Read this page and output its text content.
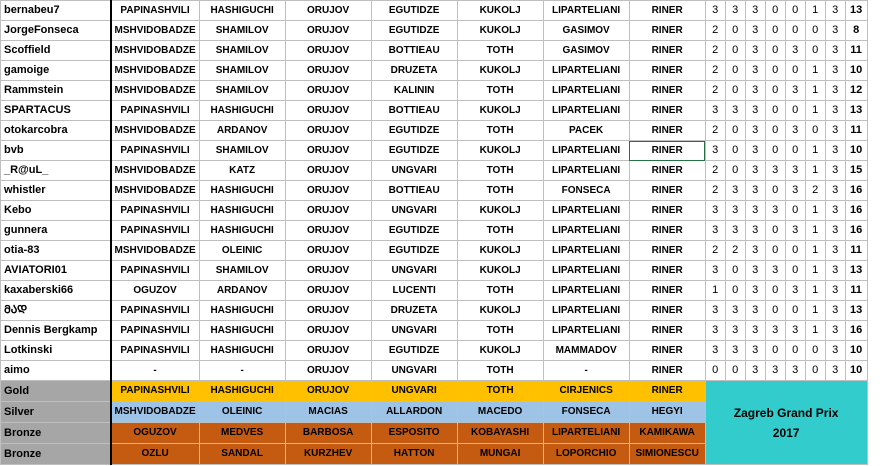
bernabeu7	PAPINASHVILI	HASHIGUCHI	ORUJOV	EGUTIDZE	KUKOLJ	LIPARTELIANI	RINER	3	3	3	0	0	1	3	13
JorgeFonseca	MSHVIDOBADZE	SHAMILOV	ORUJOV	EGUTIDZE	KUKOLJ	GASIMOV	RINER	2	0	3	0	0	0	3	8
Scoffield	MSHVIDOBADZE	SHAMILOV	ORUJOV	BOTTIEAU	TOTH	GASIMOV	RINER	2	0	3	0	3	0	3	11
gamoige	MSHVIDOBADZE	SHAMILOV	ORUJOV	DRUZETA	KUKOLJ	LIPARTELIANI	RINER	2	0	3	0	0	1	3	10
Rammstein	MSHVIDOBADZE	SHAMILOV	ORUJOV	KALININ	TOTH	LIPARTELIANI	RINER	2	0	3	0	3	1	3	12
SPARTACUS	PAPINASHVILI	HASHIGUCHI	ORUJOV	BOTTIEAU	KUKOLJ	LIPARTELIANI	RINER	3	3	3	0	0	1	3	13
otokarcobra	MSHVIDOBADZE	ARDANOV	ORUJOV	EGUTIDZE	TOTH	PACEK	RINER	2	0	3	0	3	0	3	11
bvb	PAPINASHVILI	SHAMILOV	ORUJOV	EGUTIDZE	KUKOLJ	LIPARTELIANI	RINER	3	0	3	0	0	1	3	10
_R@uL_	MSHVIDOBADZE	KATZ	ORUJOV	UNGVARI	TOTH	LIPARTELIANI	RINER	2	0	3	3	3	1	3	15
whistler	MSHVIDOBADZE	HASHIGUCHI	ORUJOV	BOTTIEAU	TOTH	FONSECA	RINER	2	3	3	0	3	2	3	16
Kebo	PAPINASHVILI	HASHIGUCHI	ORUJOV	UNGVARI	KUKOLJ	LIPARTELIANI	RINER	3	3	3	3	0	1	3	16
gunnera	PAPINASHVILI	HASHIGUCHI	ORUJOV	EGUTIDZE	TOTH	LIPARTELIANI	RINER	3	3	3	0	3	1	3	16
otia-83	MSHVIDOBADZE	OLEINIC	ORUJOV	EGUTIDZE	KUKOLJ	LIPARTELIANI	RINER	2	2	3	0	0	1	3	11
AVIATORI01	PAPINASHVILI	SHAMILOV	ORUJOV	UNGVARI	KUKOLJ	LIPARTELIANI	RINER	3	0	3	3	0	1	3	13
kaxaberski66	OGUZOV	ARDANOV	ORUJOV	LUCENTI	TOTH	LIPARTELIANI	RINER	1	0	3	0	3	1	3	11
ᲛᲐᲓ	PAPINASHVILI	HASHIGUCHI	ORUJOV	DRUZETA	KUKOLJ	LIPARTELIANI	RINER	3	3	3	0	0	1	3	13
Dennis Bergkamp	PAPINASHVILI	HASHIGUCHI	ORUJOV	UNGVARI	TOTH	LIPARTELIANI	RINER	3	3	3	3	3	1	3	16
Lotkinski	PAPINASHVILI	HASHIGUCHI	ORUJOV	EGUTIDZE	KUKOLJ	MAMMADOV	RINER	3	3	3	0	0	0	3	10
aimo	-	-	ORUJOV	UNGVARI	TOTH	-	RINER	0	0	3	3	3	0	3	10
Gold	PAPINASHVILI	HASHIGUCHI	ORUJOV	UNGVARI	TOTH	CIRJENICS	RINER	Zagreb Grand Prix
2017							

Silver	MSHVIDOBADZE	OLEINIC	MACIAS	ALLARDON	MACEDO	FONSECA	HEGYI								
Bronze	OGUZOV	MEDVES	BARBOSA	ESPOSITO	KOBAYASHI	LIPARTELIANI	KAMIKAWA								
Bronze	OZLU	SANDAL	KURZHEV	HATTON	MUNGAI	LOPORCHIO	SIMIONESCU								
